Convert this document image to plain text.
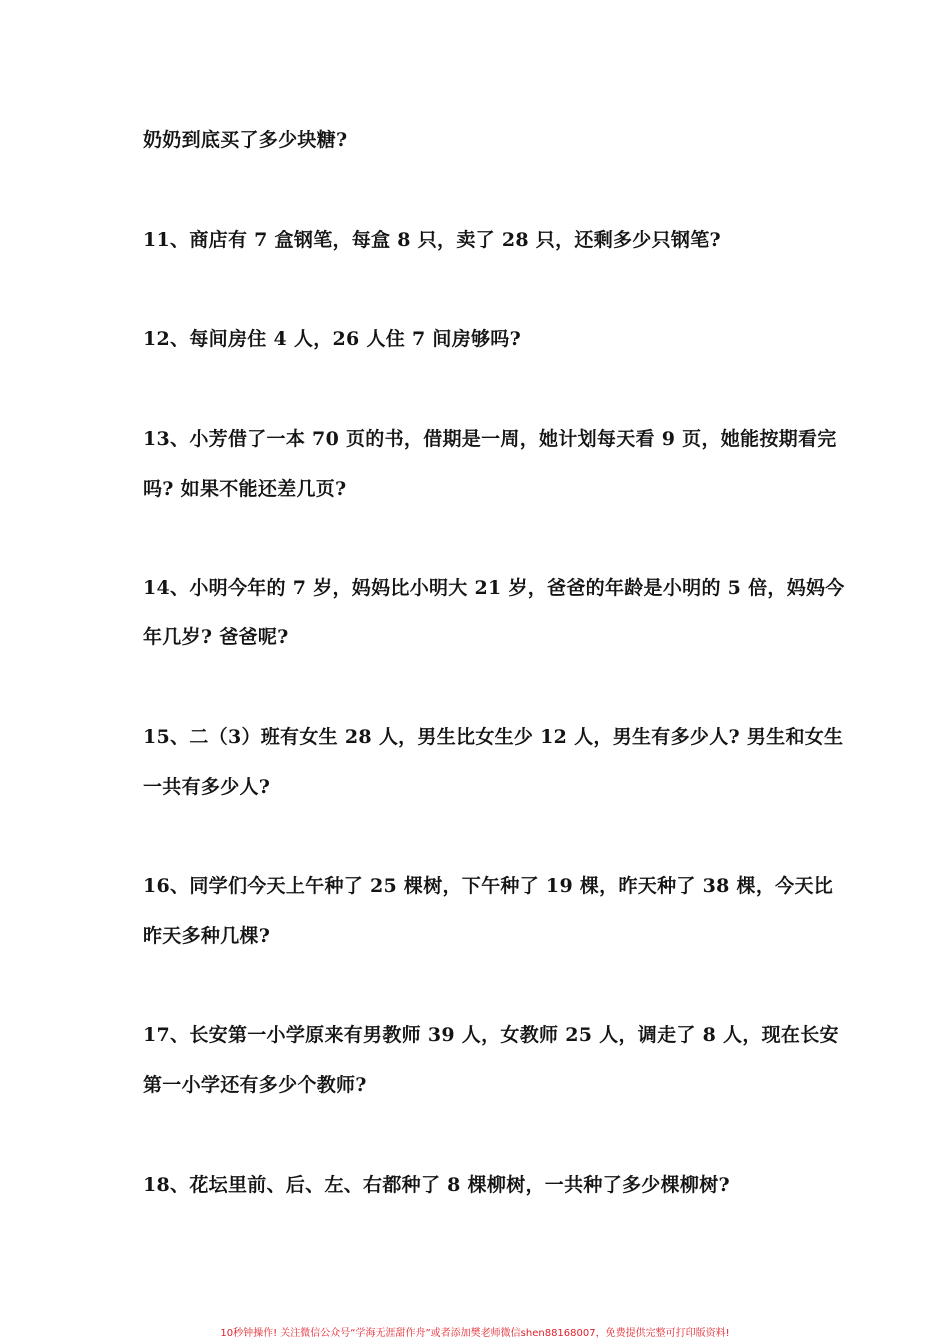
奶奶到底买了多少块糖?
11、商店有 7 盒钢笔，每盒 8 只，卖了 28 只，还剩多少只钢笔?
12、每间房住 4 人，26 人住 7 间房够吗?
13、小芳借了一本 70 页的书，借期是一周，她计划每天看 9 页，她能按期看完
吗? 如果不能还差几页?
14、小明今年的 7 岁，妈妈比小明大 21 岁，爸爸的年龄是小明的 5 倍，妈妈今
年几岁? 爸爸呢?
15、二（3）班有女生 28 人，男生比女生少 12 人，男生有多少人? 男生和女生
一共有多少人?
16、同学们今天上午种了 25 棵树，下午种了 19 棵，昨天种了 38 棵，今天比
昨天多种几棵?
17、长安第一小学原来有男教师 39 人，女教师 25 人，调走了 8 人，现在长安
第一小学还有多少个教师?
18、花坛里前、后、左、右都种了 8 棵柳树，一共种了多少棵柳树?
10秒钟操作! 关注微信公众号“学海无涯甜作舟”或者添加樊老师微信shen88168007，免费提供完整可打印版资料!
